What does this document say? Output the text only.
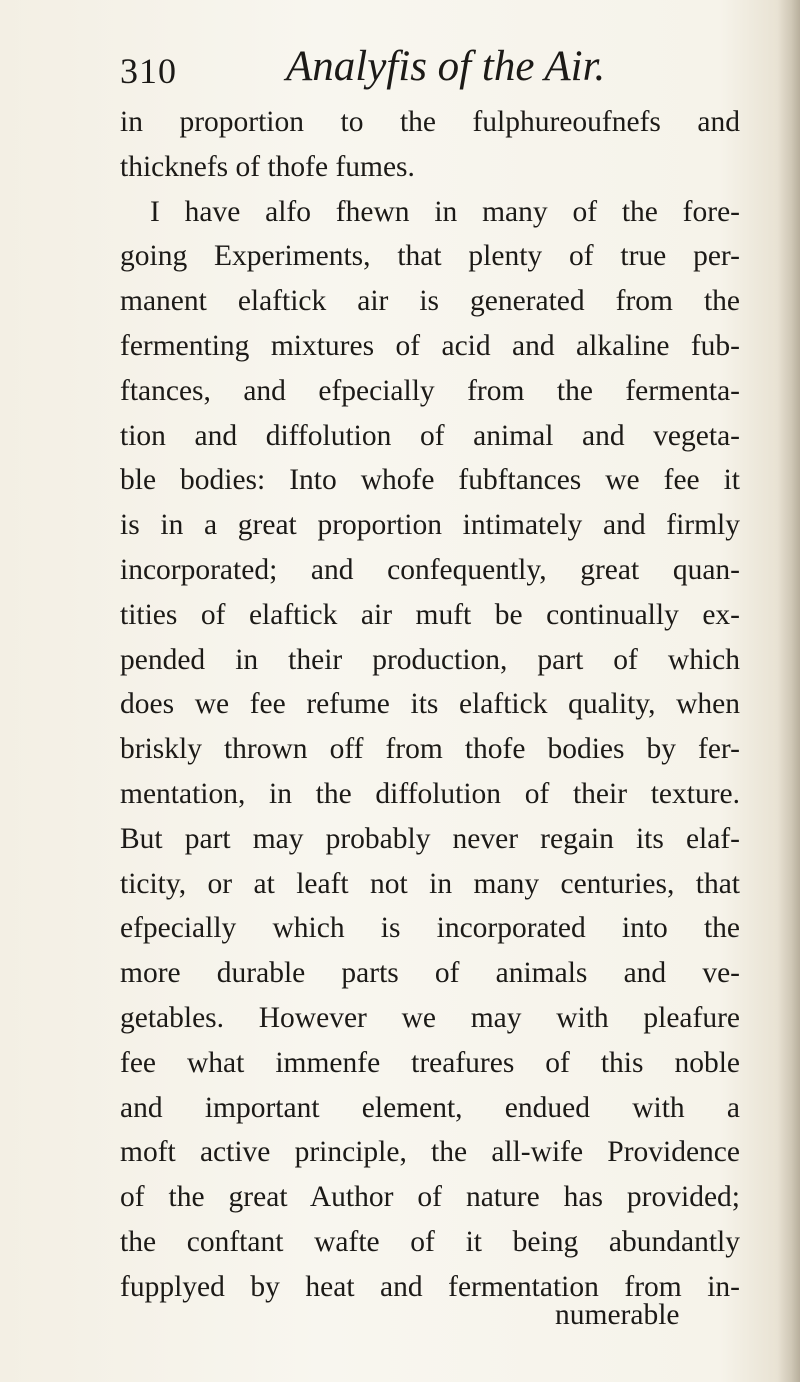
310	Analyfis of the Air.
in proportion to the fulphureoufnefs and
thicknefs of thofe fumes.
I have alfo fhewn in many of the fore-
going Experiments, that plenty of true per-
manent elaftick air is generated from the
fermenting mixtures of acid and alkaline fub-
ftances, and efpecially from the fermenta-
tion and diffolution of animal and vegeta-
ble bodies: Into whofe fubftances we fee it
is in a great proportion intimately and firmly
incorporated; and confequently, great quan-
tities of elaftick air muft be continually ex-
pended in their production, part of which
does we fee refume its elaftick quality, when
briskly thrown off from thofe bodies by fer-
mentation, in the diffolution of their texture.
But part may probably never regain its elaf-
ticity, or at leaft not in many centuries, that
efpecially which is incorporated into the
more durable parts of animals and ve-
getables. However we may with pleafure
fee what immenfe treafures of this noble
and important element, endued with a
moft active principle, the all-wife Providence
of the great Author of nature has provided;
the conftant wafte of it being abundantly
fupplyed by heat and fermentation from in-
numerable
